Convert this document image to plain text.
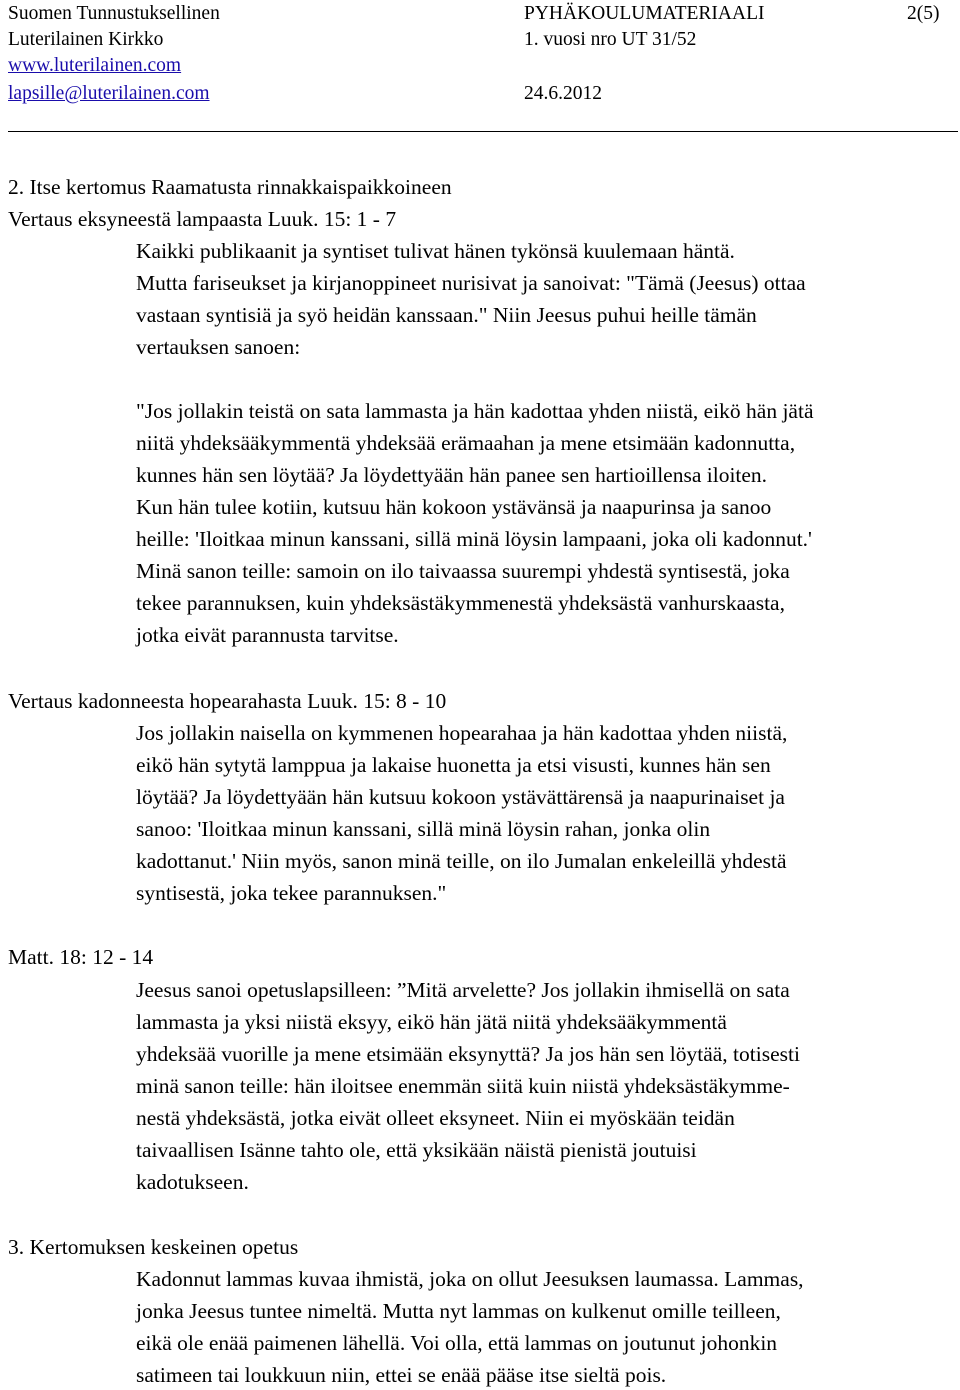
Suomen Tunnustuksellinen
Luterilainen Kirkko
www.luterilainen.com
lapsille@luterilainen.com
PYHÄKOULUMATERIAALI
1. vuosi nro UT 31/52
24.6.2012
2(5)
2. Itse kertomus Raamatusta rinnakkaispaikkoineen
Vertaus eksyneestä lampaasta Luuk. 15: 1 - 7
Kaikki publikaanit ja syntiset tulivat hänen tykönsä kuulemaan häntä.
Mutta fariseukset ja kirjanoppineet nurisivat ja sanoivat: "Tämä (Jeesus) ottaa
vastaan syntisiä ja syö heidän kanssaan." Niin Jeesus puhui heille tämän
vertauksen sanoen:
"Jos jollakin teistä on sata lammasta ja hän kadottaa yhden niistä, eikö hän jätä
niitä yhdeksääkymmentä yhdeksää erämaahan ja mene etsimään kadonnutta,
kunnes hän sen löytää? Ja löydettyään hän panee sen hartioillensa iloiten.
Kun hän tulee kotiin, kutsuu hän kokoon ystävänsä ja naapurinsa ja sanoo
heille: 'Iloitkaa minun kanssani, sillä minä löysin lampaani, joka oli kadonnut.'
Minä sanon teille: samoin on ilo taivaassa suurempi yhdestä syntisestä, joka
tekee parannuksen, kuin yhdeksästäkymmenestä yhdeksästä vanhurskaasta,
jotka eivät parannusta tarvitse.
Vertaus kadonneesta hopearahasta Luuk. 15: 8 - 10
Jos jollakin naisella on kymmenen hopearahaa ja hän kadottaa yhden niistä,
eikö hän sytytä lamppua ja lakaise huonetta ja etsi visusti, kunnes hän sen
löytää? Ja löydettyään hän kutsuu kokoon ystävättärensä ja naapurinaiset ja
sanoo: 'Iloitkaa minun kanssani, sillä minä löysin rahan, jonka olin
kadottanut.' Niin myös, sanon minä teille, on ilo Jumalan enkeleillä yhdestä
syntisestä, joka tekee parannuksen."
Matt. 18: 12 - 14
Jeesus sanoi opetuslapsilleen: ”Mitä arvelette? Jos jollakin ihmisellä on sata
lammasta ja yksi niistä eksyy, eikö hän jätä niitä yhdeksääkymmentä
yhdeksää vuorille ja mene etsimään eksynyttä? Ja jos hän sen löytää, totisesti
minä sanon teille: hän iloitsee enemmän siitä kuin niistä yhdeksästäkymme-
nestä yhdeksästä, jotka eivät olleet eksyneet. Niin ei myöskään teidän
taivaallisen Isänne tahto ole, että yksikään näistä pienistä joutuisi
kadotukseen.
3. Kertomuksen keskeinen opetus
Kadonnut lammas kuvaa ihmistä, joka on ollut Jeesuksen laumassa. Lammas,
jonka Jeesus tuntee nimeltä. Mutta nyt lammas on kulkenut omille teilleen,
eikä ole enää paimenen lähellä. Voi olla, että lammas on joutunut johonkin
satimeen tai loukkuun niin, ettei se enää pääse itse sieltä pois.
